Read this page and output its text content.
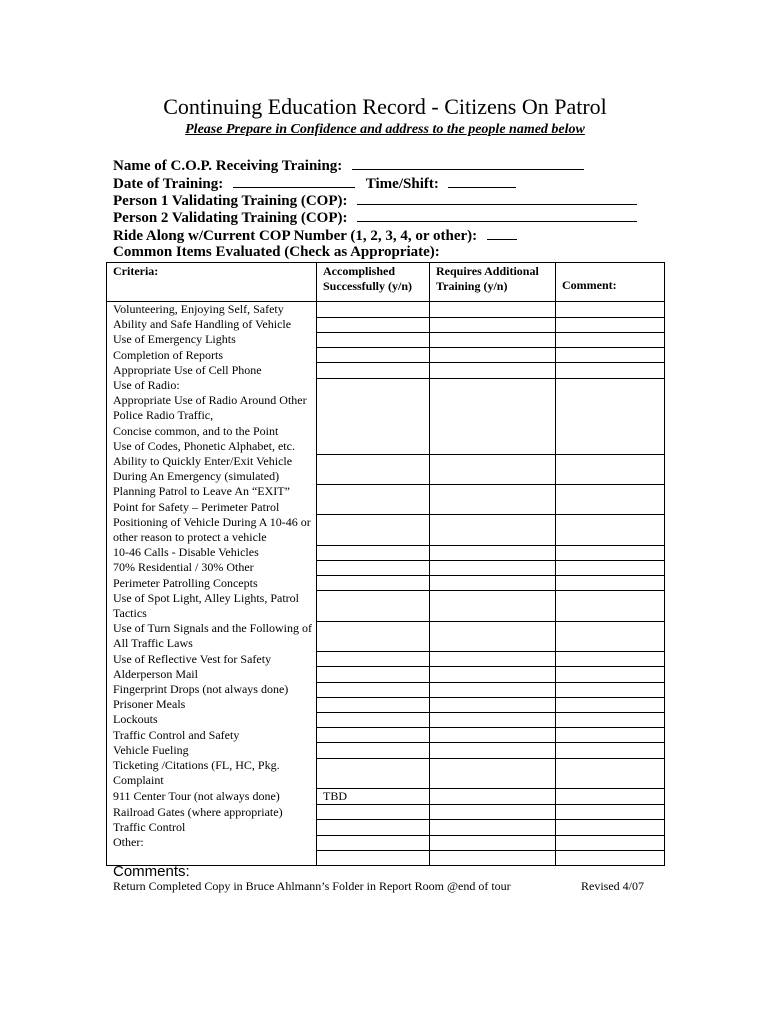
Continuing Education Record - Citizens On Patrol
Please Prepare in Confidence and address to the people named below
Name of C.O.P. Receiving Training:
Date of Training:	Time/Shift:
Person 1 Validating Training (COP):
Person 2 Validating Training (COP):
Ride Along w/Current COP Number (1, 2, 3, 4, or other):
Common Items Evaluated (Check as Appropriate):
Criteria:	Accomplished Successfully (y/n)	Requires Additional Training (y/n)	Comment:
Volunteering, Enjoying Self, Safety			
Ability and Safe Handling of Vehicle			
Use of Emergency Lights			
Completion of Reports			
Appropriate Use of Cell Phone			
Use of Radio:
Appropriate Use of Radio Around Other Police Radio Traffic,
Concise common, and to the Point
Use of Codes, Phonetic Alphabet, etc.			
Ability to Quickly Enter/Exit Vehicle During An Emergency (simulated)			
Planning Patrol to Leave An “EXIT” Point for Safety – Perimeter Patrol			
Positioning of Vehicle During A 10-46 or other reason to protect a vehicle			
10-46 Calls - Disable Vehicles			
70% Residential / 30% Other			
Perimeter Patrolling Concepts			
Use of Spot Light, Alley Lights, Patrol Tactics			
Use of Turn Signals and the Following of All Traffic Laws			
Use of Reflective Vest for Safety			
Alderperson Mail			
Fingerprint Drops (not always done)			
Prisoner Meals			
Lockouts			
Traffic Control and Safety			
Vehicle Fueling			
Ticketing /Citations (FL, HC, Pkg. Complaint			
911 Center Tour (not always done)	TBD		
Railroad Gates (where appropriate)			
Traffic Control			
Other:			

Comments:
Return Completed Copy in Bruce Ahlmann’s Folder in Report Room @end of tour	Revised 4/07
